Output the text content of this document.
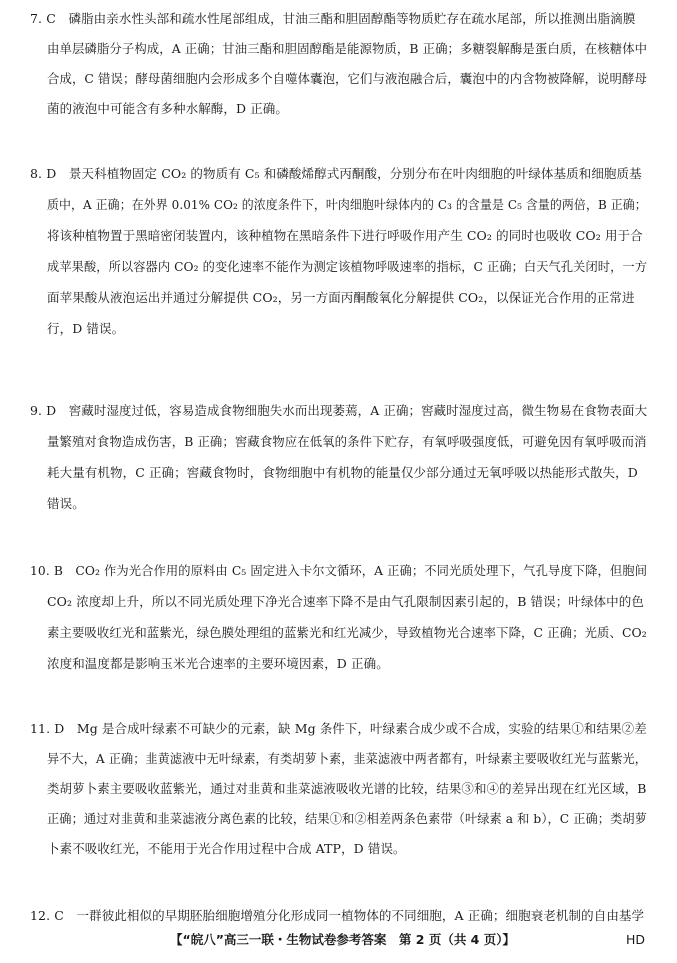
7. C　磷脂由亲水性头部和疏水性尾部组成，甘油三酯和胆固醇酯等物质贮存在疏水尾部，所以推测出脂滴膜
由单层磷脂分子构成，A 正确；甘油三酯和胆固醇酯是能源物质，B 正确；多糖裂解酶是蛋白质，在核糖体中
合成，C 错误；酵母菌细胞内会形成多个自噬体囊泡，它们与液泡融合后，囊泡中的内含物被降解，说明酵母
菌的液泡中可能含有多种水解酶，D 正确。
8. D　景天科植物固定 CO₂ 的物质有 C₅ 和磷酸烯醇式丙酮酸，分别分布在叶肉细胞的叶绿体基质和细胞质基
质中，A 正确；在外界 0.01% CO₂ 的浓度条件下，叶肉细胞叶绿体内的 C₃ 的含量是 C₅ 含量的两倍，B 正确；
将该种植物置于黑暗密闭装置内，该种植物在黑暗条件下进行呼吸作用产生 CO₂ 的同时也吸收 CO₂ 用于合
成苹果酸，所以容器内 CO₂ 的变化速率不能作为测定该植物呼吸速率的指标，C 正确；白天气孔关闭时，一方
面苹果酸从液泡运出并通过分解提供 CO₂，另一方面丙酮酸氧化分解提供 CO₂，以保证光合作用的正常进
行，D 错误。
9. D　窖藏时湿度过低，容易造成食物细胞失水而出现萎蔫，A 正确；窖藏时湿度过高，微生物易在食物表面大
量繁殖对食物造成伤害，B 正确；窖藏食物应在低氧的条件下贮存，有氧呼吸强度低，可避免因有氧呼吸而消
耗大量有机物，C 正确；窖藏食物时，食物细胞中有机物的能量仅少部分通过无氧呼吸以热能形式散失，D
错误。
10. B　CO₂ 作为光合作用的原料由 C₅ 固定进入卡尔文循环，A 正确；不同光质处理下，气孔导度下降，但胞间
CO₂ 浓度却上升，所以不同光质处理下净光合速率下降不是由气孔限制因素引起的，B 错误；叶绿体中的色
素主要吸收红光和蓝紫光，绿色膜处理组的蓝紫光和红光减少，导致植物光合速率下降，C 正确；光质、CO₂
浓度和温度都是影响玉米光合速率的主要环境因素，D 正确。
11. D　Mg 是合成叶绿素不可缺少的元素，缺 Mg 条件下，叶绿素合成少或不合成，实验的结果①和结果②差
异不大，A 正确；韭黄滤液中无叶绿素，有类胡萝卜素，韭菜滤液中两者都有，叶绿素主要吸收红光与蓝紫光，
类胡萝卜素主要吸收蓝紫光，通过对韭黄和韭菜滤液吸收光谱的比较，结果③和④的差异出现在红光区域，B
正确；通过对韭黄和韭菜滤液分离色素的比较，结果①和②相差两条色素带（叶绿素 a 和 b），C 正确；类胡萝
卜素不吸收红光，不能用于光合作用过程中合成 ATP，D 错误。
12. C　一群彼此相似的早期胚胎细胞增殖分化形成同一植物体的不同细胞，A 正确；细胞衰老机制的自由基学
【“皖八”高三一联・生物试卷参考答案　第 2 页（共 4 页）】	HD
